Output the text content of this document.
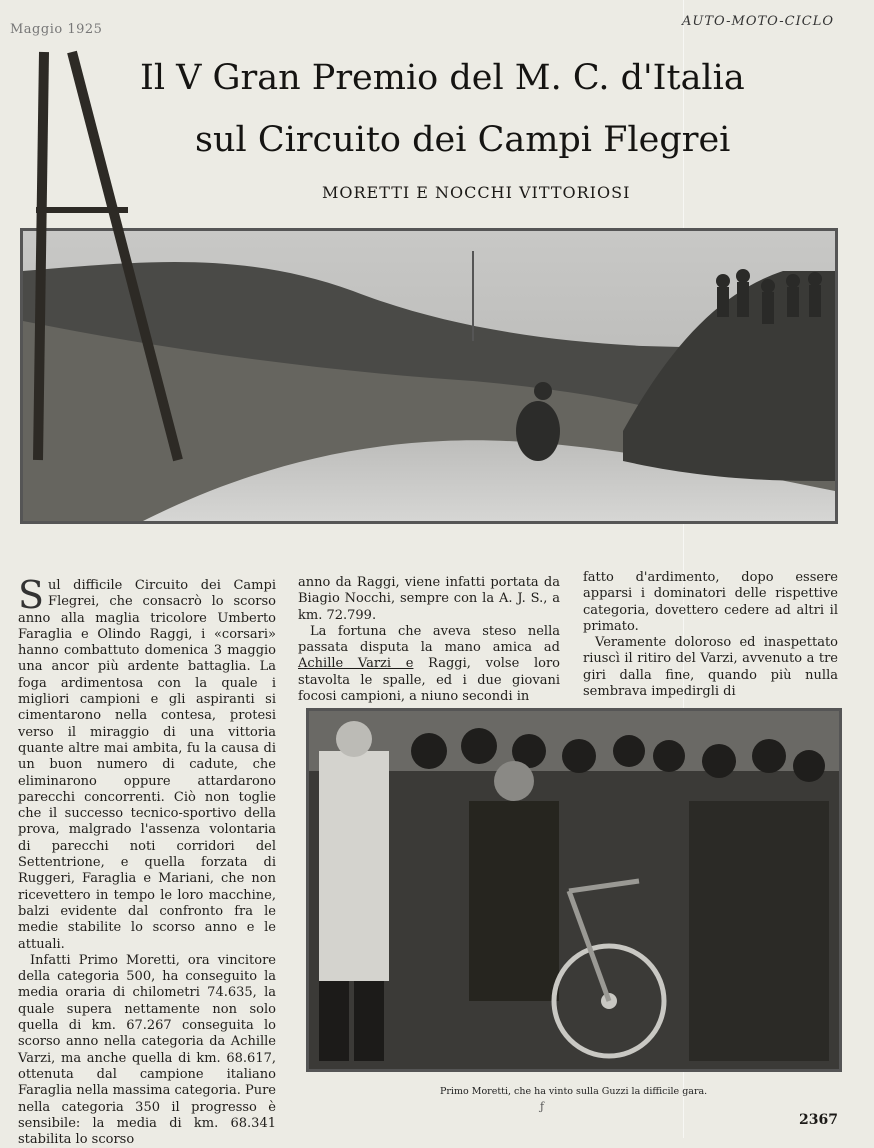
Maggio 1925
AUTO-MOTO-CICLO
Il V Gran Premio del M. C. d'Italia
sul Circuito dei Campi Flegrei
MORETTI E NOCCHI VITTORIOSI

Sul difficile Circuito dei Campi Flegrei, che consacrò lo scorso anno alla maglia tricolore Umberto Faraglia e Olindo Raggi, i «corsari» hanno combattuto domenica 3 maggio una ancor più ardente battaglia. La foga ardimentosa con la quale i migliori campioni e gli aspiranti si cimentarono nella contesa, protesi verso il miraggio di una vittoria quante altre mai ambita, fu la causa di un buon numero di cadute, che eliminarono oppure attardarono parecchi concorrenti. Ciò non toglie che il successo tecnico-sportivo della prova, malgrado l'assenza volontaria di parecchi noti corridori del Settentrione, e quella forzata di Ruggeri, Faraglia e Mariani, che non ricevettero in tempo le loro macchine, balzi evidente dal confronto fra le medie stabilite lo scorso anno e le attuali.

Infatti Primo Moretti, ora vincitore della categoria 500, ha conseguito la media oraria di chilometri 74.635, la quale supera nettamente non solo quella di km. 67.267 conseguita lo scorso anno nella categoria da Achille Varzi, ma anche quella di km. 68.617, ottenuta dal campione italiano Faraglia nella massima categoria. Pure nella categoria 350 il progresso è sensibile: la media di km. 68.341 stabilita lo scorso

anno da Raggi, viene infatti portata da Biagio Nocchi, sempre con la A. J. S., a km. 72.799.

La fortuna che aveva steso nella passata disputa la mano amica ad Achille Varzi e Raggi, volse loro stavolta le spalle, ed i due giovani focosi campioni, a niuno secondi in

fatto d'ardimento, dopo essere apparsi i dominatori delle rispettive categoria, dovettero cedere ad altri il primato.

Veramente doloroso ed inaspettato riuscì il ritiro del Varzi, avvenuto a tre giri dalla fine, quando più nulla sembrava impedirgli di

Primo Moretti, che ha vinto sulla Guzzi la difficile gara.
ƒ
2367
